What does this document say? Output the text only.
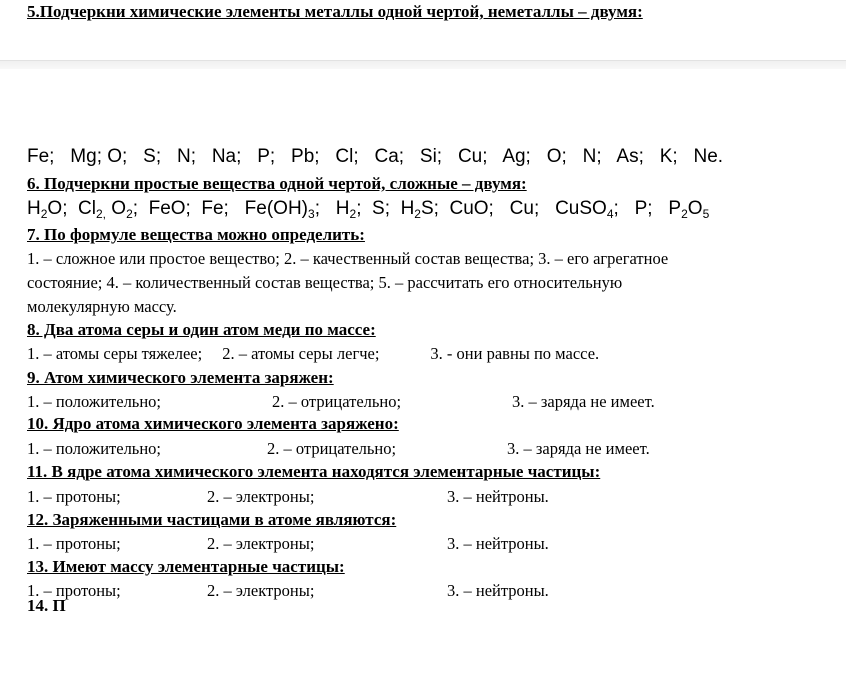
5.Подчеркни химические элементы металлы одной чертой, неметаллы – двумя:
Fe; Mg; O; S; N; Na; P; Pb; Cl; Ca; Si; Cu; Ag; O; N; As; K; Ne.
6. Подчеркни простые вещества одной чертой, сложные – двумя:
$H_2O$;  $Cl_{2,}$ $O_2$;  FeO;  Fe;   $Fe(OH)_3$;   $H_2$;  S;  $H_2S$;  CuO;   Cu;   CuSO$_4$;   P;   $P_2O_5$
7. По формуле вещества можно определить:
1. – сложное или простое вещество; 2. – качественный состав вещества; 3. – его агрегатное
состояние; 4. – количественный состав вещества; 5. – рассчитать его относительную
молекулярную массу.
8. Два атома серы и один атом меди по массе:
1. – атомы серы тяжелее; 2. – атомы серы легче;	3. - они равны по массе.
9. Атом химического элемента заряжен:
1. – положительно;	2. – отрицательно;	3. – заряда не имеет.
10. Ядро атома химического элемента заряжено:
1. – положительно;	2. – отрицательно;	3. – заряда не имеет.
11. В ядре атома химического элемента находятся элементарные частицы:
1. – протоны;	2. – электроны;	3. – нейтроны.
12. Заряженными частицами в атоме являются:
1. – протоны;	2. – электроны;	3. – нейтроны.
13. Имеют массу элементарные частицы:
1. – протоны;	2. – электроны;	3. – нейтроны.
14. П
